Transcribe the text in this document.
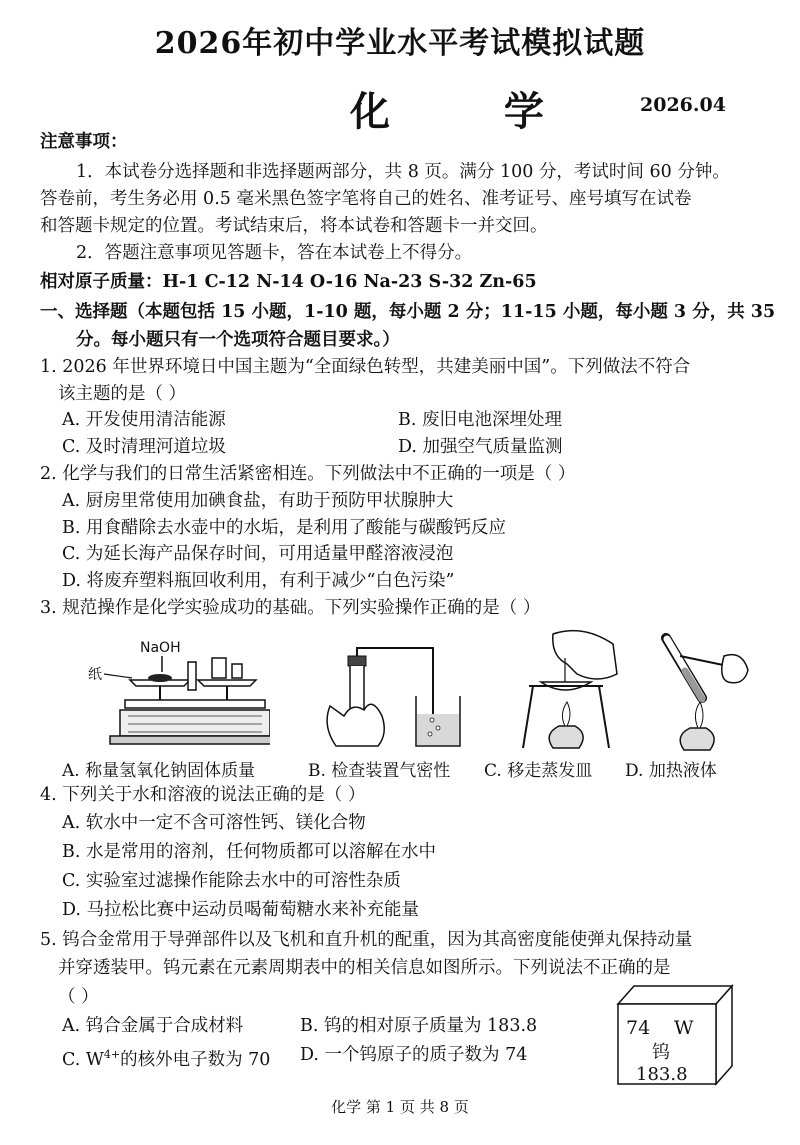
2026年初中学业水平考试模拟试题
化 学 2026.04
注意事项：
1．本试卷分选择题和非选择题两部分，共 8 页。满分 100 分，考试时间 60 分钟。
答卷前，考生务必用 0.5 毫米黑色签字笔将自己的姓名、准考证号、座号填写在试卷
和答题卡规定的位置。考试结束后，将本试卷和答题卡一并交回。
2．答题注意事项见答题卡，答在本试卷上不得分。
相对原子质量：H-1 C-12 N-14 O-16 Na-23 S-32 Zn-65
一、选择题（本题包括 15 小题，1-10 题，每小题 2 分；11-15 小题，每小题 3 分，共 35
分。每小题只有一个选项符合题目要求。）
1. 2026 年世界环境日中国主题为“全面绿色转型，共建美丽中国”。下列做法不符合
该主题的是（ ）
A. 开发使用清洁能源	B. 废旧电池深埋处理
C. 及时清理河道垃圾	D. 加强空气质量监测
2. 化学与我们的日常生活紧密相连。下列做法中不正确的一项是（ ）
A. 厨房里常使用加碘食盐，有助于预防甲状腺肿大
B. 用食醋除去水壶中的水垢，是利用了酸能与碳酸钙反应
C. 为延长海产品保存时间，可用适量甲醛溶液浸泡
D. 将废弃塑料瓶回收利用，有利于减少“白色污染”
3. 规范操作是化学实验成功的基础。下列实验操作正确的是（ ）
NaOH
纸
A. 称量氢氧化钠固体质量	B. 检查装置气密性 C. 移走蒸发皿 D. 加热液体
4. 下列关于水和溶液的说法正确的是（ ）
A. 软水中一定不含可溶性钙、镁化合物
B. 水是常用的溶剂，任何物质都可以溶解在水中
C. 实验室过滤操作能除去水中的可溶性杂质
D. 马拉松比赛中运动员喝葡萄糖水来补充能量
5. 钨合金常用于导弹部件以及飞机和直升机的配重，因为其高密度能使弹丸保持动量
并穿透装甲。钨元素在元素周期表中的相关信息如图所示。下列说法不正确的是
（ ）
A. 钨合金属于合成材料	B. 钨的相对原子质量为 183.8
C. $W^{4+}$的核外电子数为 70 D. 一个钨原子的质子数为 74
74 W
钨
183.8
化学 第 1 页 共 8 页
